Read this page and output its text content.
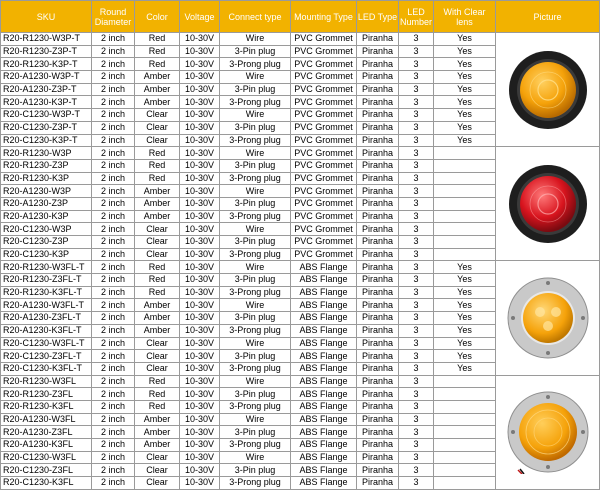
SKU	Round Diameter	Color	Voltage	Connect type	Mounting Type	LED Type	LED Number	With Clear lens	Picture
R20-R1230-W3P-T	2 inch	Red	10-30V	Wire	PVC Grommet	Piranha	3	Yes	

R20-R1230-Z3P-T	2 inch	Red	10-30V	3-Pin plug	PVC Grommet	Piranha	3	Yes	
R20-R1230-K3P-T	2 inch	Red	10-30V	3-Prong plug	PVC Grommet	Piranha	3	Yes	
R20-A1230-W3P-T	2 inch	Amber	10-30V	Wire	PVC Grommet	Piranha	3	Yes	
R20-A1230-Z3P-T	2 inch	Amber	10-30V	3-Pin plug	PVC Grommet	Piranha	3	Yes	
R20-A1230-K3P-T	2 inch	Amber	10-30V	3-Prong plug	PVC Grommet	Piranha	3	Yes	
R20-C1230-W3P-T	2 inch	Clear	10-30V	Wire	PVC Grommet	Piranha	3	Yes	
R20-C1230-Z3P-T	2 inch	Clear	10-30V	3-Pin plug	PVC Grommet	Piranha	3	Yes	
R20-C1230-K3P-T	2 inch	Clear	10-30V	3-Prong plug	PVC Grommet	Piranha	3	Yes	
R20-R1230-W3P	2 inch	Red	10-30V	Wire	PVC Grommet	Piranha	3		

R20-R1230-Z3P	2 inch	Red	10-30V	3-Pin plug	PVC Grommet	Piranha	3		
R20-R1230-K3P	2 inch	Red	10-30V	3-Prong plug	PVC Grommet	Piranha	3		
R20-A1230-W3P	2 inch	Amber	10-30V	Wire	PVC Grommet	Piranha	3		
R20-A1230-Z3P	2 inch	Amber	10-30V	3-Pin plug	PVC Grommet	Piranha	3		
R20-A1230-K3P	2 inch	Amber	10-30V	3-Prong plug	PVC Grommet	Piranha	3		
R20-C1230-W3P	2 inch	Clear	10-30V	Wire	PVC Grommet	Piranha	3		
R20-C1230-Z3P	2 inch	Clear	10-30V	3-Pin plug	PVC Grommet	Piranha	3		
R20-C1230-K3P	2 inch	Clear	10-30V	3-Prong plug	PVC Grommet	Piranha	3		
R20-R1230-W3FL-T	2 inch	Red	10-30V	Wire	ABS Flange	Piranha	3	Yes	

R20-R1230-Z3FL-T	2 inch	Red	10-30V	3-Pin plug	ABS Flange	Piranha	3	Yes	
R20-R1230-K3FL-T	2 inch	Red	10-30V	3-Prong plug	ABS Flange	Piranha	3	Yes	
R20-A1230-W3FL-T	2 inch	Amber	10-30V	Wire	ABS Flange	Piranha	3	Yes	
R20-A1230-Z3FL-T	2 inch	Amber	10-30V	3-Pin plug	ABS Flange	Piranha	3	Yes	
R20-A1230-K3FL-T	2 inch	Amber	10-30V	3-Prong plug	ABS Flange	Piranha	3	Yes	
R20-C1230-W3FL-T	2 inch	Clear	10-30V	Wire	ABS Flange	Piranha	3	Yes	
R20-C1230-Z3FL-T	2 inch	Clear	10-30V	3-Pin plug	ABS Flange	Piranha	3	Yes	
R20-C1230-K3FL-T	2 inch	Clear	10-30V	3-Prong plug	ABS Flange	Piranha	3	Yes	
R20-R1230-W3FL	2 inch	Red	10-30V	Wire	ABS Flange	Piranha	3		

R20-R1230-Z3FL	2 inch	Red	10-30V	3-Pin plug	ABS Flange	Piranha	3		
R20-R1230-K3FL	2 inch	Red	10-30V	3-Prong plug	ABS Flange	Piranha	3		
R20-A1230-W3FL	2 inch	Amber	10-30V	Wire	ABS Flange	Piranha	3		
R20-A1230-Z3FL	2 inch	Amber	10-30V	3-Pin plug	ABS Flange	Piranha	3		
R20-A1230-K3FL	2 inch	Amber	10-30V	3-Prong plug	ABS Flange	Piranha	3		
R20-C1230-W3FL	2 inch	Clear	10-30V	Wire	ABS Flange	Piranha	3		
R20-C1230-Z3FL	2 inch	Clear	10-30V	3-Pin plug	ABS Flange	Piranha	3		
R20-C1230-K3FL	2 inch	Clear	10-30V	3-Prong plug	ABS Flange	Piranha	3		
